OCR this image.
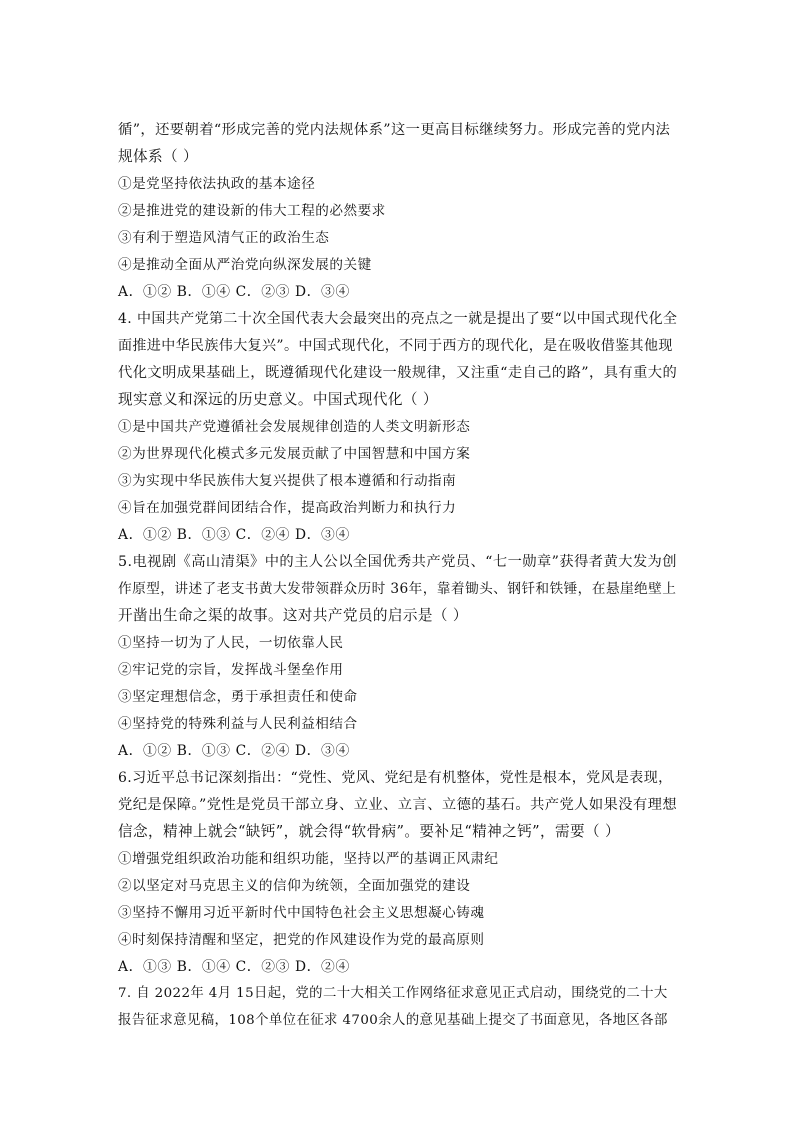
循”，还要朝着“形成完善的党内法规体系”这一更高目标继续努力。形成完善的党内法
规体系（ ）
①是党坚持依法执政的基本途径
②是推进党的建设新的伟大工程的必然要求
③有利于塑造风清气正的政治生态
④是推动全面从严治党向纵深发展的关键
A．①② B．①④ C．②③ D．③④
4. 中国共产党第二十次全国代表大会最突出的亮点之一就是提出了要“以中国式现代化全
面推进中华民族伟大复兴”。中国式现代化，不同于西方的现代化，是在吸收借鉴其他现
代化文明成果基础上，既遵循现代化建设一般规律，又注重“走自己的路”，具有重大的
现实意义和深远的历史意义。中国式现代化（ ）
①是中国共产党遵循社会发展规律创造的人类文明新形态
②为世界现代化模式多元发展贡献了中国智慧和中国方案
③为实现中华民族伟大复兴提供了根本遵循和行动指南
④旨在加强党群间团结合作，提高政治判断力和执行力
A．①② B．①③ C．②④ D．③④
5.电视剧《高山清渠》中的主人公以全国优秀共产党员、“七一勋章”获得者黄大发为创
作原型，讲述了老支书黄大发带领群众历时 36年，靠着锄头、钢钎和铁锤，在悬崖绝壁上
开凿出生命之渠的故事。这对共产党员的启示是（ ）
①坚持一切为了人民，一切依靠人民
②牢记党的宗旨，发挥战斗堡垒作用
③坚定理想信念，勇于承担责任和使命
④坚持党的特殊利益与人民利益相结合
A．①② B．①③ C．②④ D．③④
6.习近平总书记深刻指出：“党性、党风、党纪是有机整体，党性是根本，党风是表现，
党纪是保障。”党性是党员干部立身、立业、立言、立德的基石。共产党人如果没有理想
信念，精神上就会“缺钙”，就会得“软骨病”。要补足“精神之钙”，需要（ ）
①增强党组织政治功能和组织功能，坚持以严的基调正风肃纪
②以坚定对马克思主义的信仰为统领，全面加强党的建设
③坚持不懈用习近平新时代中国特色社会主义思想凝心铸魂
④时刻保持清醒和坚定，把党的作风建设作为党的最高原则
A．①③ B．①④ C．②③ D．②④
7. 自 2022年 4月 15日起，党的二十大相关工作网络征求意见正式启动，围绕党的二十大
报告征求意见稿，108个单位在征求 4700余人的意见基础上提交了书面意见，各地区各部
